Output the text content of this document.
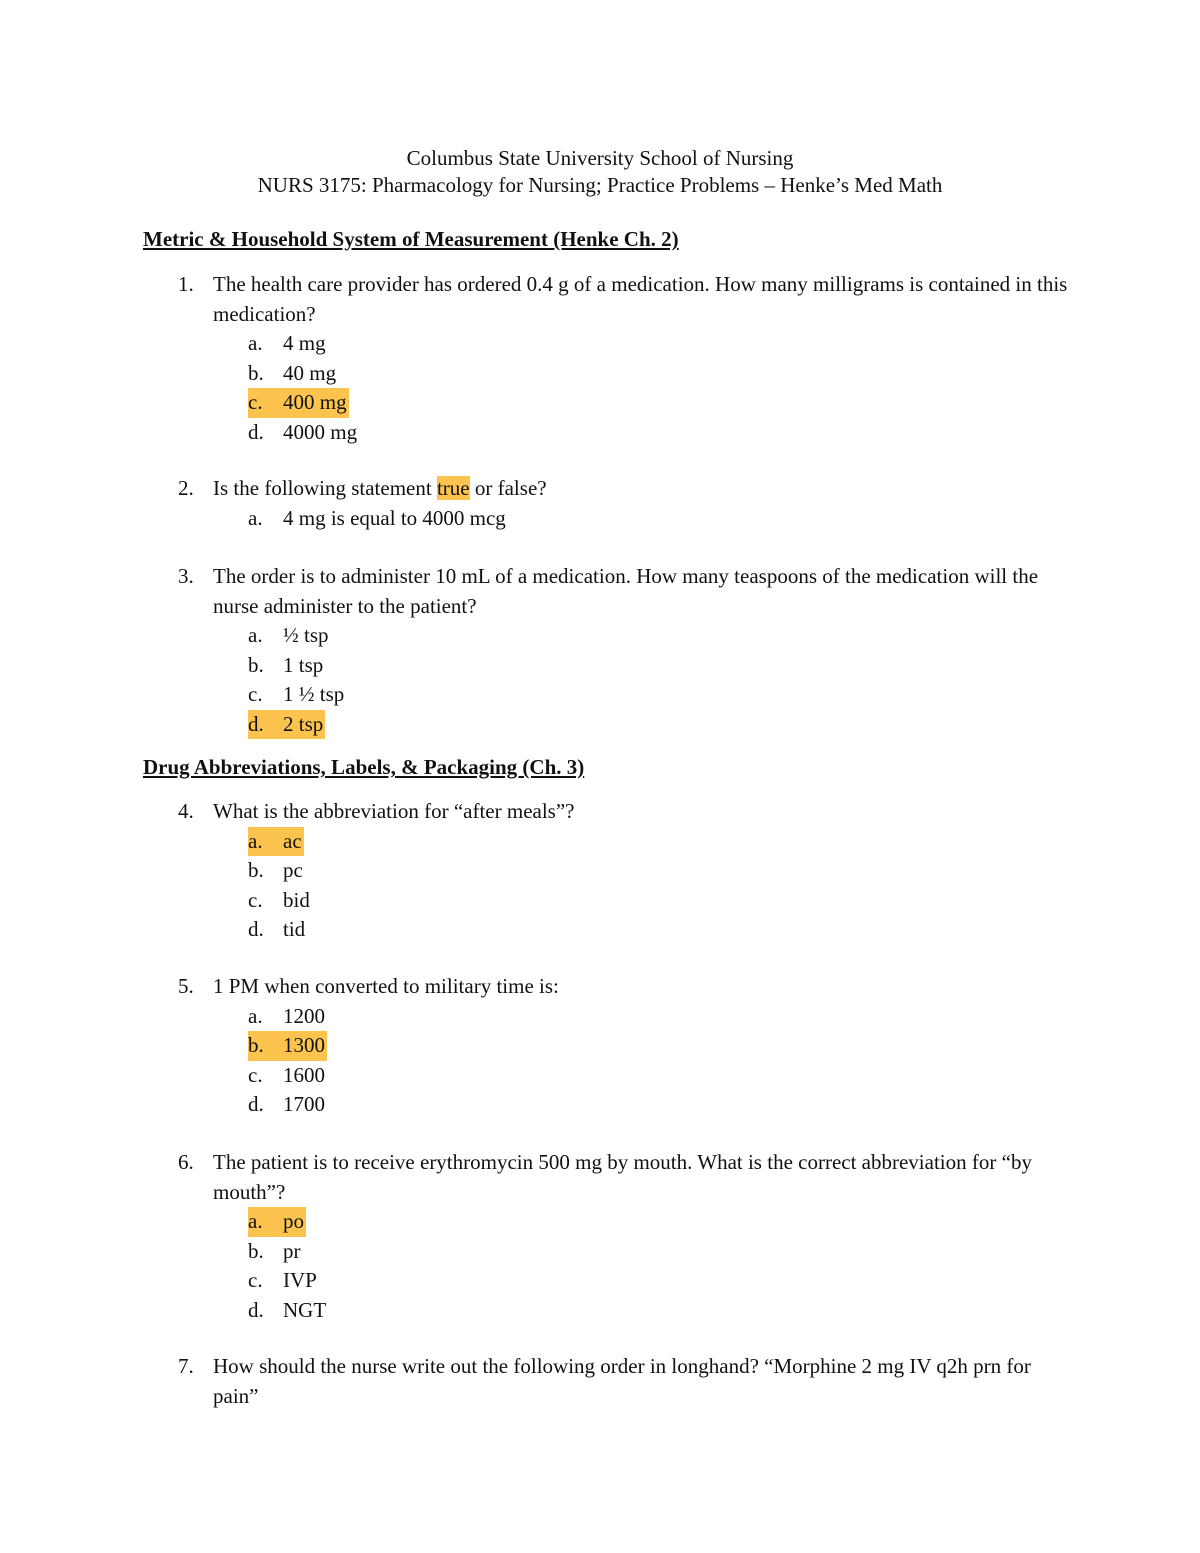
Columbus State University School of Nursing
NURS 3175: Pharmacology for Nursing; Practice Problems – Henke’s Med Math
Metric & Household System of Measurement (Henke Ch. 2)
1. The health care provider has ordered 0.4 g of a medication. How many milligrams is contained in this medication?
a. 4 mg
b. 40 mg
c. 400 mg
d. 4000 mg
2. Is the following statement true or false?
a. 4 mg is equal to 4000 mcg
3. The order is to administer 10 mL of a medication. How many teaspoons of the medication will the nurse administer to the patient?
a. ½ tsp
b. 1 tsp
c. 1 ½ tsp
d. 2 tsp
Drug Abbreviations, Labels, & Packaging (Ch. 3)
4. What is the abbreviation for “after meals”?
a. ac
b. pc
c. bid
d. tid
5. 1 PM when converted to military time is:
a. 1200
b. 1300
c. 1600
d. 1700
6. The patient is to receive erythromycin 500 mg by mouth. What is the correct abbreviation for “by mouth”?
a. po
b. pr
c. IVP
d. NGT
7. How should the nurse write out the following order in longhand? “Morphine 2 mg IV q2h prn for pain”
